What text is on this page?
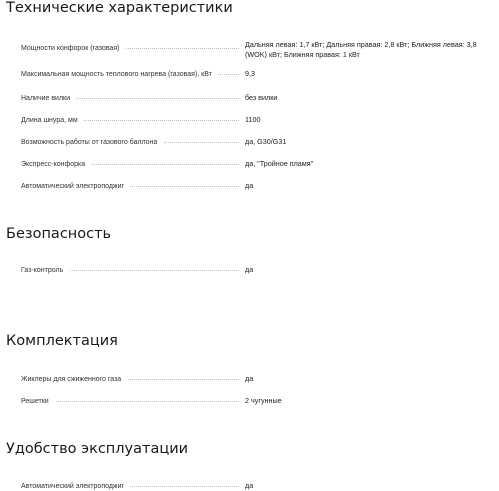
Технические характеристики
Мощности конфорок (газовая)	Дальняя левая: 1,7 кВт; Дальняя правая: 2,8 кВт; Ближняя левая: 3,8 (WOK) кВт; Ближняя правая: 1 кВт
Максимальная мощность теплового нагрева (газовая), кВт	9,3
Наличие вилки	без вилки
Длина шнура, мм	1100
Возможность работы от газового баллона	да, G30/G31
Экспресс-конфорка	да, "Тройное пламя"
Автоматический электроподжиг	да
Безопасность
Газ-контроль	да
Комплектация
Жиклеры для сжиженного газа	да
Решетки	2 чугунные
Удобство эксплуатации
Автоматический электроподжиг	да
